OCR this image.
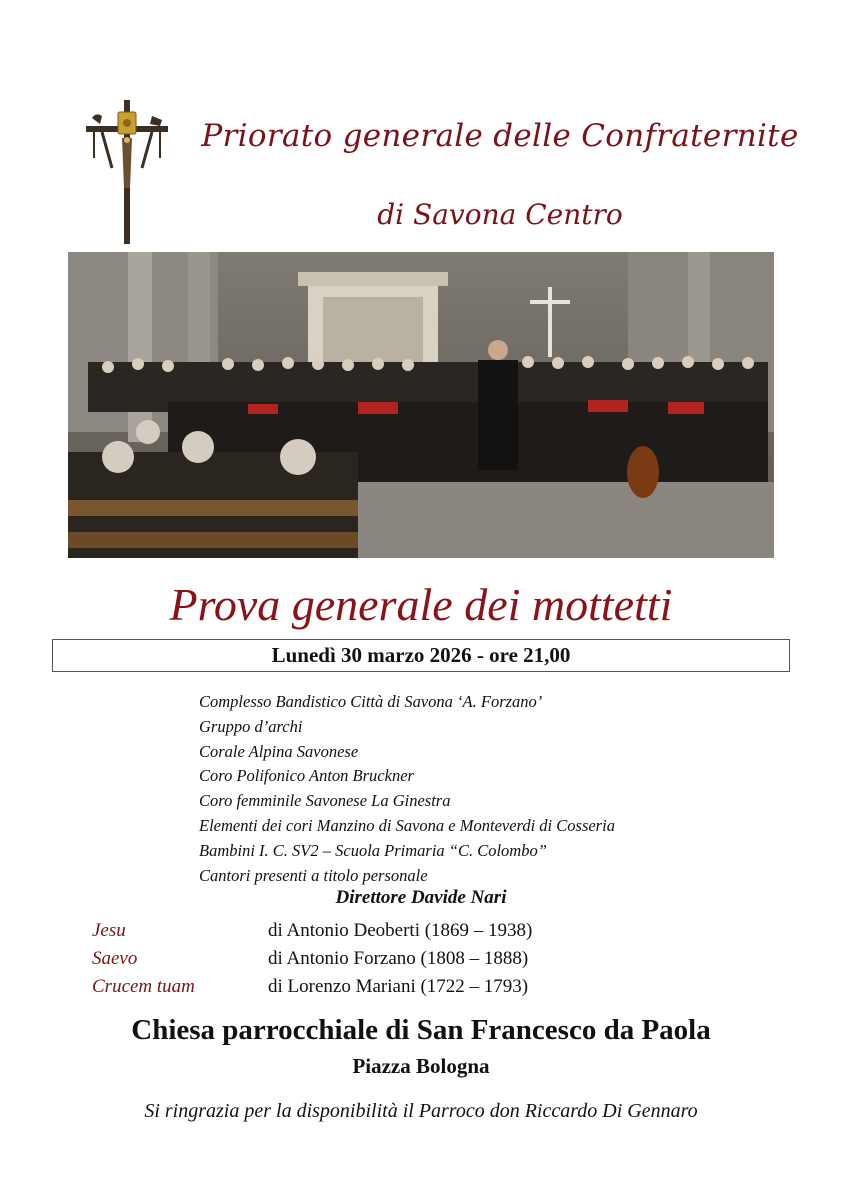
Priorato generale delle Confraternite
di Savona Centro
Prova generale dei mottetti
Lunedì 30 marzo 2026 - ore 21,00
Complesso Bandistico Città di Savona ‘A. Forzano’
Gruppo d’archi
Corale Alpina Savonese
Coro Polifonico Anton Bruckner
Coro femminile Savonese La Ginestra
Elementi dei cori Manzino di Savona e Monteverdi di Cosseria
Bambini I. C. SV2 – Scuola Primaria “C. Colombo”
Cantori presenti a titolo personale
Direttore Davide Nari
Jesu	di Antonio Deoberti (1869 – 1938)
Saevo	di Antonio Forzano (1808 – 1888)
Crucem tuam	di Lorenzo Mariani (1722 – 1793)
Chiesa parrocchiale di San Francesco da Paola
Piazza Bologna
Si ringrazia per la disponibilità il Parroco don Riccardo Di Gennaro
